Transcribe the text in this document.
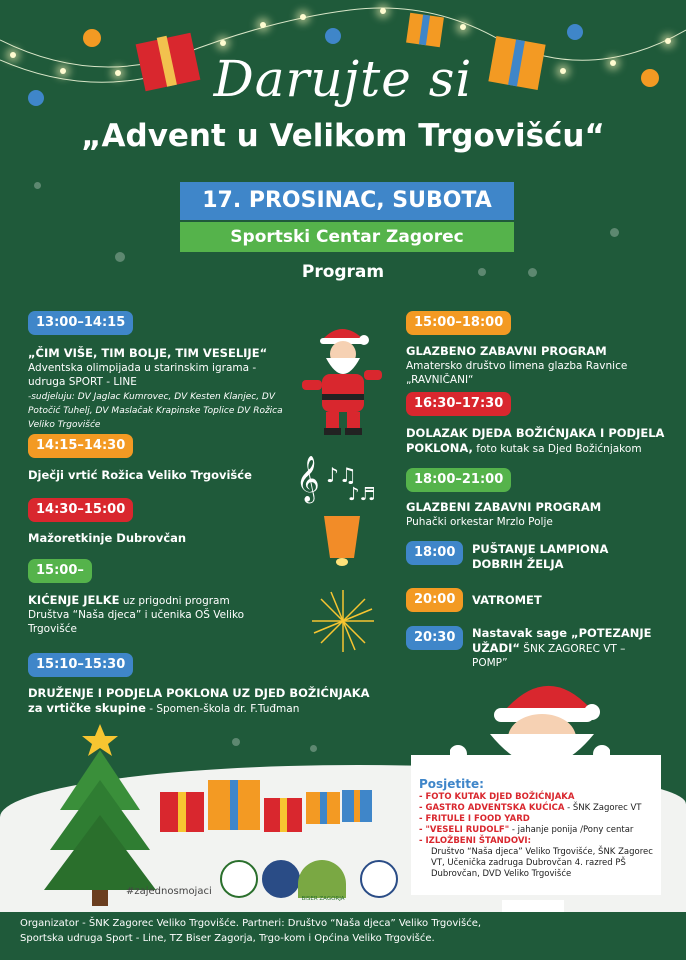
Darujte si
„Advent u Velikom Trgovišću“
17. PROSINAC, SUBOTA
Sportski Centar Zagorec
Program
13:00–14:15
„ČIM VIŠE, TIM BOLJE, TIM VESELIJE“
Adventska olimpijada u starinskim igrama - udruga SPORT - LINE
-sudjeluju: DV Jaglac Kumrovec, DV Kesten Klanjec, DV Potočić Tuhelj, DV Maslačak Krapinske Toplice DV Rožica Veliko Trgovišće
14:15–14:30
Dječji vrtić Rožica Veliko Trgovišće
14:30–15:00
Mažoretkinje Dubrovčan
15:00–
KIĆENJE JELKE uz prigodni program Društva “Naša djeca” i učenika OŠ Veliko Trgovišće
15:10–15:30
DRUŽENJE I PODJELA POKLONA UZ DJED BOŽIĆNJAKA za vrtičke skupine - Spomen-škola dr. F.Tuđman
𝄞 ♪♫
♪♬
15:00–18:00
GLAZBENO ZABAVNI PROGRAM
Amatersko društvo limena glazba Ravnice „RAVNIČANI“
16:30–17:30
DOLAZAK DJEDA BOŽIĆNJAKA I PODJELA POKLONA, foto kutak sa Djed Božićnjakom
18:00–21:00
GLAZBENI ZABAVNI PROGRAM
Puhački orkestar Mrzlo Polje
18:00	PUŠTANJE LAMPIONA DOBRIH ŽELJA
20:00	VATROMET
20:30	Nastavak sage „POTEZANJE UŽADI“ ŠNK ZAGOREC VT – POMP”
Posjetite:
- FOTO KUTAK DJED BOŽIĆNJAKA
- GASTRO ADVENTSKA KUĆICA - ŠNK Zagorec VT
- FRITULE I FOOD YARD
- "VESELI RUDOLF" - jahanje ponija /Pony centar
- IZLOŽBENI ŠTANDOVI:
Društvo “Naša djeca” Veliko Trgovišće, ŠNK Zagorec VT, Učenička zadruga Dubrovčan 4. razred PŠ Dubrovčan, DVD Veliko Trgovišće
BISER ZAGORJA
#zajednosmojaci
Organizator - ŠNK Zagorec Veliko Trgovišće. Partneri: Društvo “Naša djeca” Veliko Trgovišće,
Sportska udruga Sport - Line, TZ Biser Zagorja, Trgo-kom i Općina Veliko Trgovišće.
